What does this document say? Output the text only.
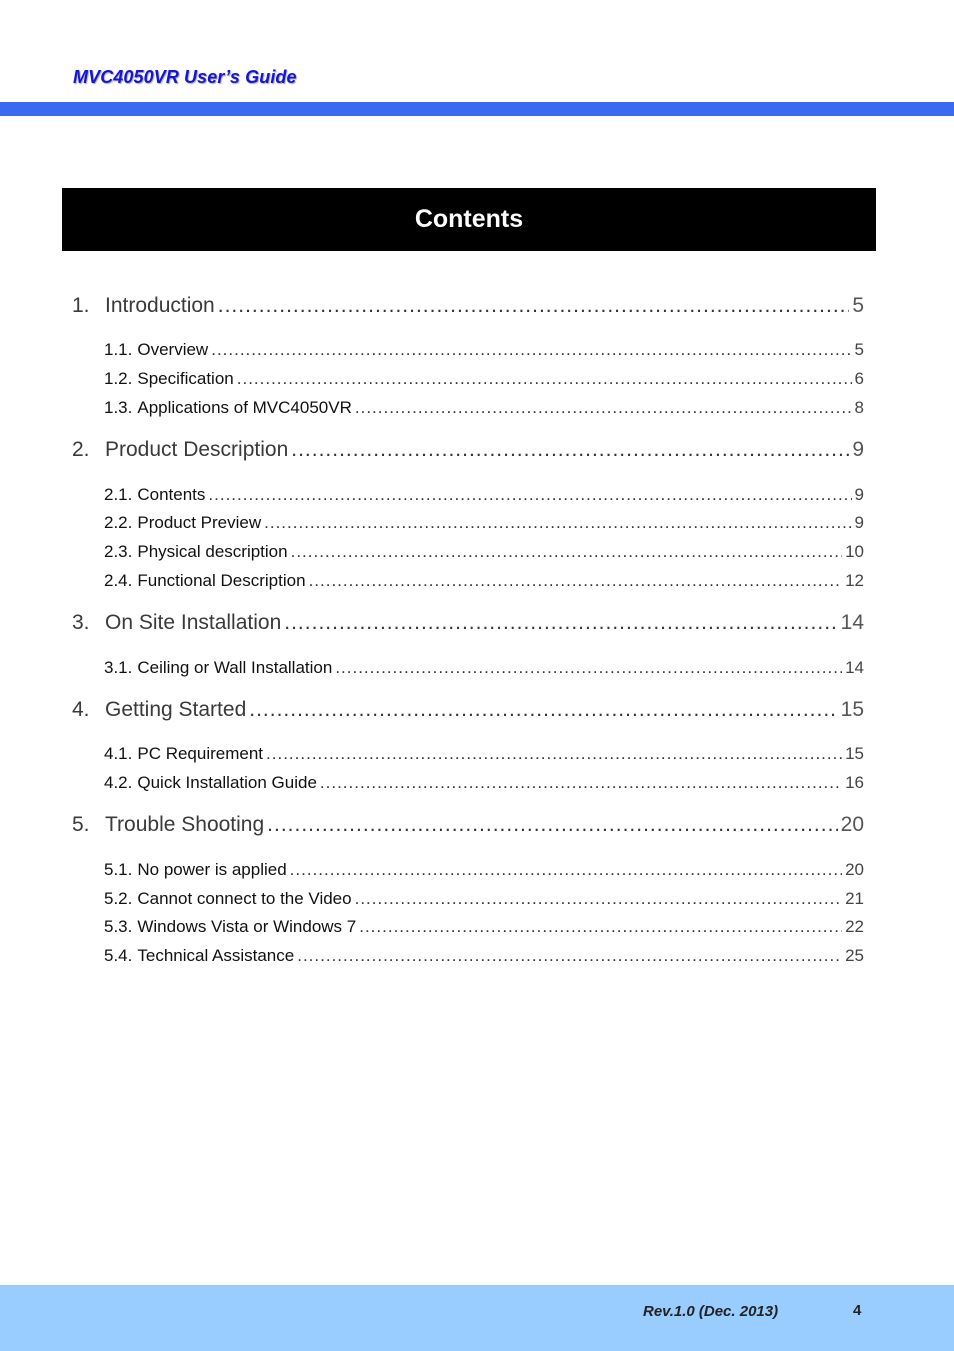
MVC4050VR User’s Guide
Contents
1. Introduction .....	5
1.1. Overview .....	5
1.2. Specification .....	6
1.3. Applications of MVC4050VR .....	8
2. Product Description .....	9
2.1. Contents .....	9
2.2. Product Preview .....	9
2.3. Physical description .....	10
2.4. Functional Description .....	12
3. On Site Installation .....	14
3.1. Ceiling or Wall Installation .....	14
4. Getting Started .....	15
4.1. PC Requirement .....	15
4.2. Quick Installation Guide .....	16
5. Trouble Shooting .....	20
5.1. No power is applied .....	20
5.2. Cannot connect to the Video .....	21
5.3. Windows Vista or Windows 7 .....	22
5.4. Technical Assistance .....	25
Rev.1.0 (Dec. 2013)	4
